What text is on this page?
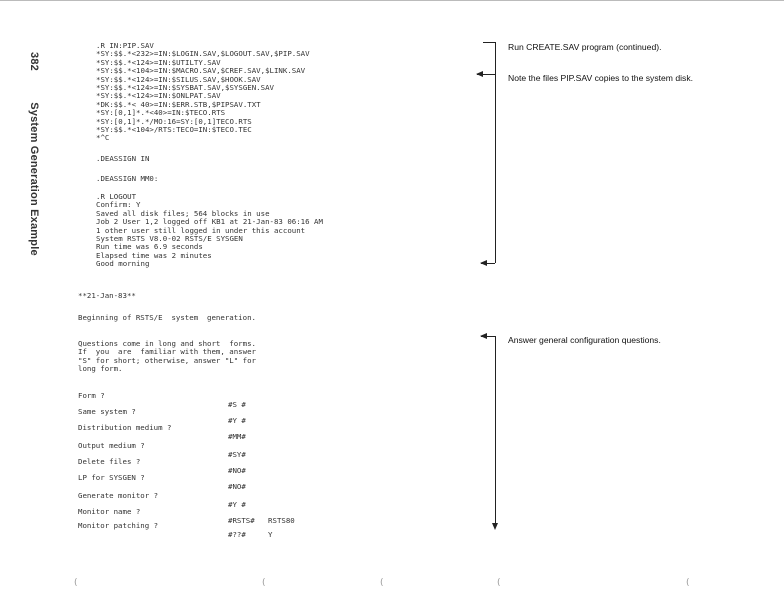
382 System Generation Example
.R IN:PIP.SAV
*SY:$$.*<232>=IN:$LOGIN.SAV,$LOGOUT.SAV,$PIP.SAV
*SY:$$.*<124>=IN:$UTILTY.SAV
*SY:$$.*<104>=IN:$MACRO.SAV,$CREF.SAV,$LINK.SAV
*SY:$$.*<124>=IN:$SILUS.SAV,$HOOK.SAV
*SY:$$.*<124>=IN:$SYSBAT.SAV,$SYSGEN.SAV
*SY:$$.*<124>=IN:$ONLPAT.SAV
*DK:$$.*< 40>=IN:$ERR.STB,$PIPSAV.TXT
*SY:[0,1]*.*<40>=IN:$TECO.RTS
*SY:[0,1]*.*/MO:16=SY:[0,1]TECO.RTS
*SY:$$.*<104>/RTS:TECO=IN:$TECO.TEC
*^C
.DEASSIGN IN
.DEASSIGN MM0:
.R LOGOUT
Confirm: Y
Saved all disk files; 564 blocks in use
Job 2 User 1,2 logged off KB1 at 21-Jan-83 06:16 AM
1 other user still logged in under this account
System RSTS V8.0-02 RSTS/E SYSGEN
Run time was 6.9 seconds
Elapsed time was 2 minutes
Good morning
**21-Jan-83**
Beginning of RSTS/E  system  generation.
Questions come in long and short  forms.
If  you  are  familiar with them, answer
"S" for short; otherwise, answer "L" for
long form.

Form ?

#S #

Same system ?

#Y #

Distribution medium ?

#MM#

Output medium ?

#SY#

Delete files ?

#NO#

LP for SYSGEN ?

#NO#

Generate monitor ?

#Y #

Monitor name ?

#RSTS#   RSTS80

Monitor patching ?

#??#     Y

Run CREATE.SAV program (continued).
Note the files PIP.SAV copies to the system disk.
Answer general configuration questions.
(	(	(	(	(
